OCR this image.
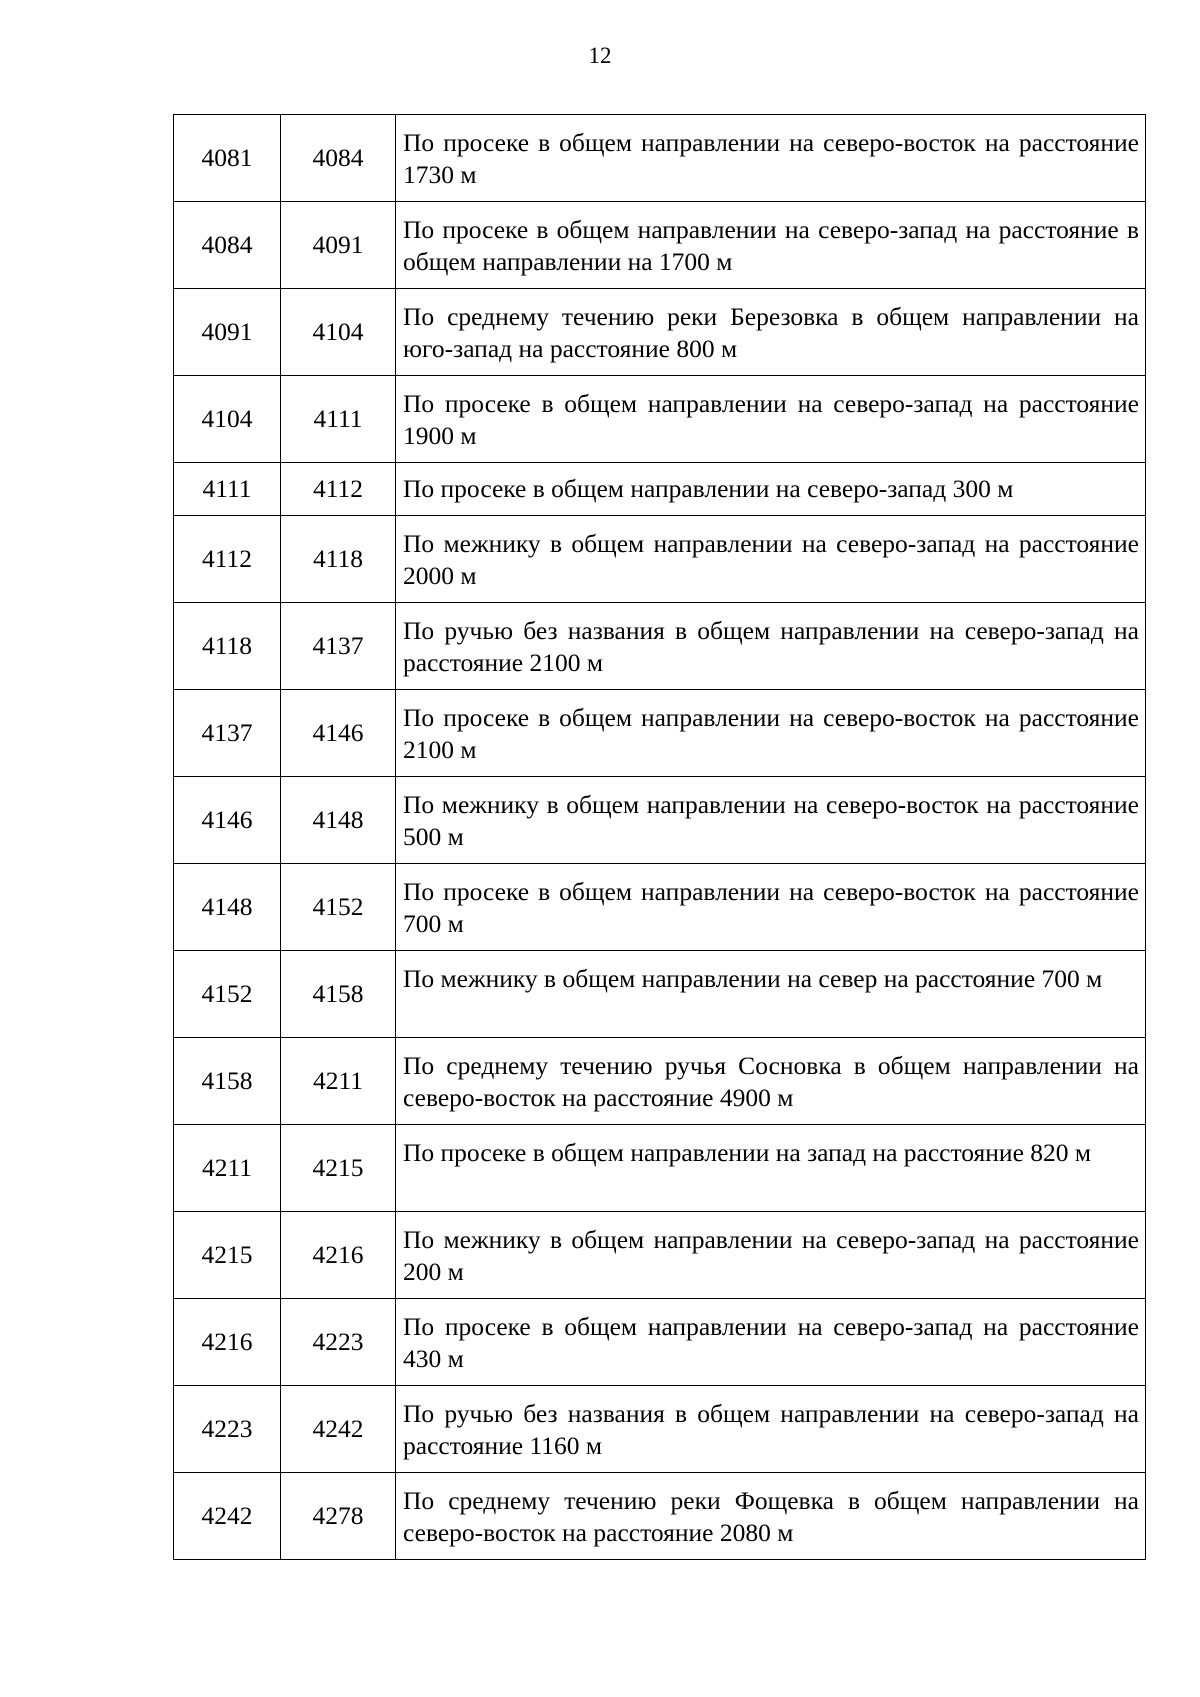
12
4081	4084	По просеке в общем направлении на северо-восток на расстояние 1730 м
4084	4091	По просеке в общем направлении на северо-запад на расстояние в общем направлении на 1700 м
4091	4104	По среднему течению реки Березовка в общем направлении на юго-запад на расстояние 800 м
4104	4111	По просеке в общем направлении на северо-запад на расстояние 1900 м
4111	4112	По просеке в общем направлении на северо-запад 300 м
4112	4118	По межнику в общем направлении на северо-запад на расстояние 2000 м
4118	4137	По ручью без названия в общем направлении на северо-запад на расстояние 2100 м
4137	4146	По просеке в общем направлении на северо-восток на расстояние 2100 м
4146	4148	По межнику в общем направлении на северо-восток на расстояние 500 м
4148	4152	По просеке в общем направлении на северо-восток на расстояние 700 м
4152	4158	По межнику в общем направлении на север на расстояние 700 м
4158	4211	По среднему течению ручья Сосновка в общем направлении на северо-восток на расстояние 4900 м
4211	4215	По просеке в общем направлении на запад на расстояние 820 м
4215	4216	По межнику в общем направлении на северо-запад на расстояние 200 м
4216	4223	По просеке в общем направлении на северо-запад на расстояние 430 м
4223	4242	По ручью без названия в общем направлении на северо-запад на расстояние 1160 м
4242	4278	По среднему течению реки Фощевка в общем направлении на северо-восток на расстояние 2080 м
